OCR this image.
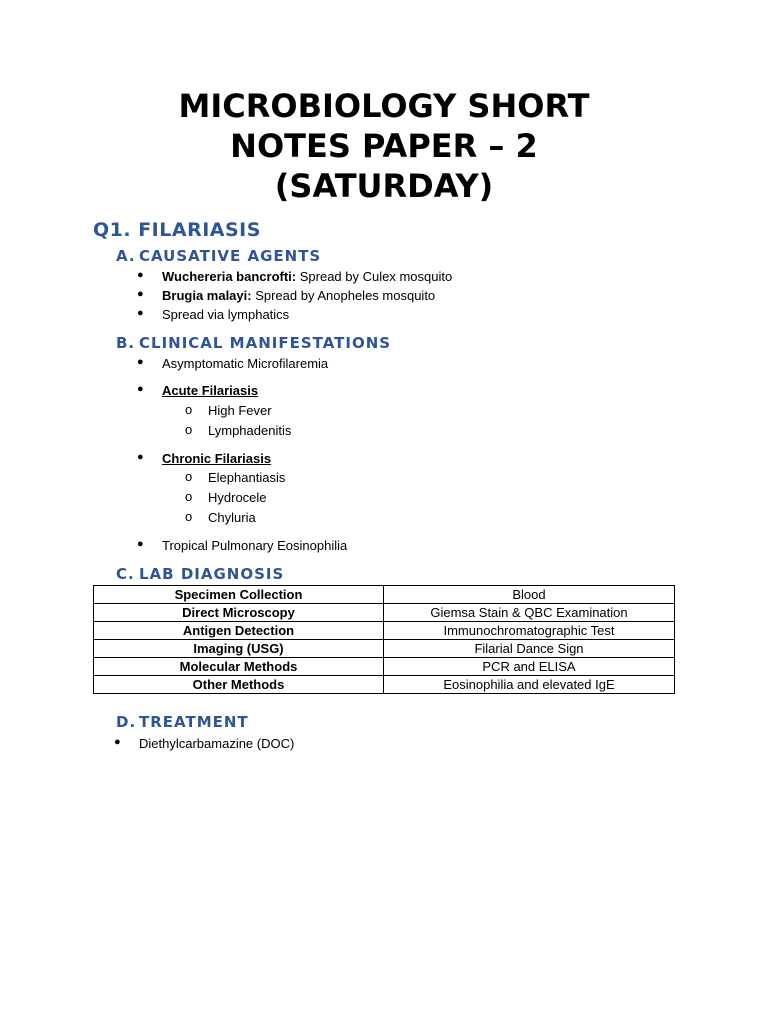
MICROBIOLOGY SHORT
NOTES PAPER – 2
(SATURDAY)
Q1. FILARIASIS
A. CAUSATIVE AGENTS
● Wuchereria bancrofti: Spread by Culex mosquito
● Brugia malayi: Spread by Anopheles mosquito
● Spread via lymphatics
B. CLINICAL MANIFESTATIONS
● Asymptomatic Microfilaremia
● Acute Filariasis
o High Fever
o Lymphadenitis
● Chronic Filariasis
o Elephantiasis
o Hydrocele
o Chyluria
● Tropical Pulmonary Eosinophilia
C. LAB DIAGNOSIS
Specimen Collection	Blood
Direct Microscopy	Giemsa Stain & QBC Examination
Antigen Detection	Immunochromatographic Test
Imaging (USG)	Filarial Dance Sign
Molecular Methods	PCR and ELISA
Other Methods	Eosinophilia and elevated IgE
D. TREATMENT
● Diethylcarbamazine (DOC)
